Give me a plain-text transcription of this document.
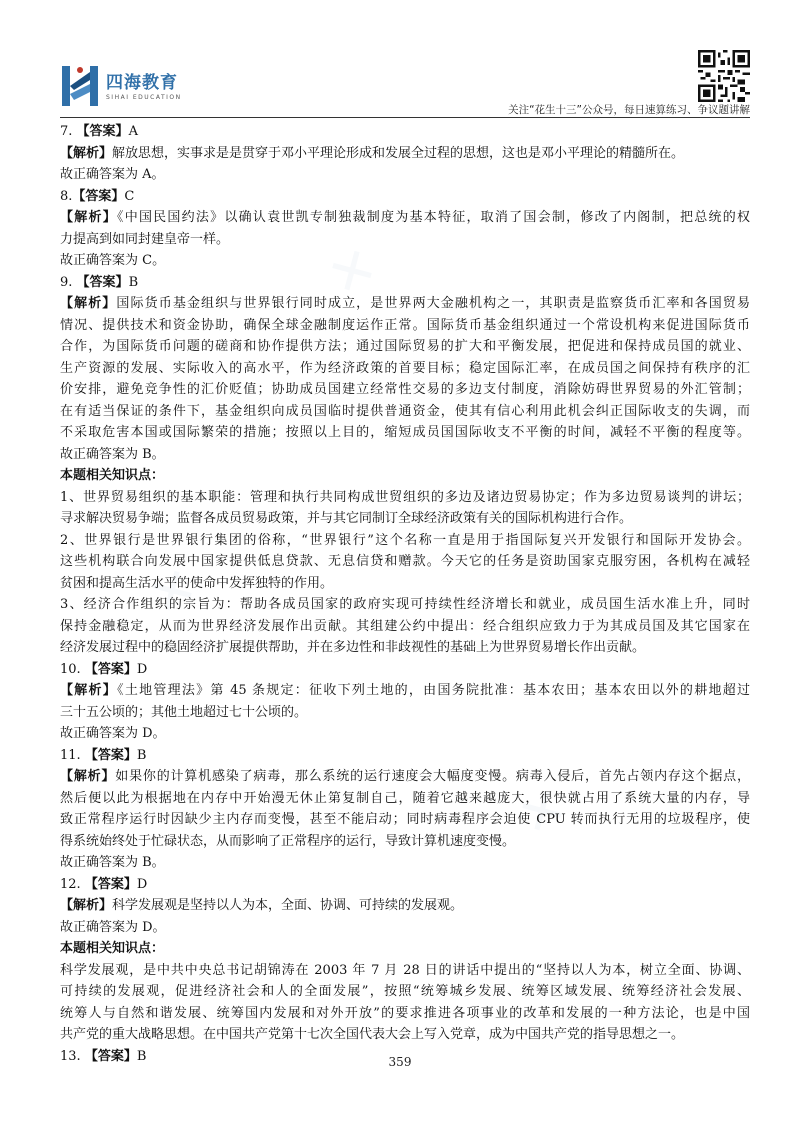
✕
✕
✕
四海教育
SIHAI EDUCATION
关注“花生十三”公众号，每日速算练习、争议题讲解
7. 【答案】A
【解析】解放思想，实事求是是贯穿于邓小平理论形成和发展全过程的思想，这也是邓小平理论的精髓所在。
故正确答案为 A。
8.【答案】C
【解析】《中国民国约法》以确认袁世凯专制独裁制度为基本特征，取消了国会制，修改了内阁制，把总统的权
力提高到如同封建皇帝一样。
故正确答案为 C。
9. 【答案】B
【解析】国际货币基金组织与世界银行同时成立，是世界两大金融机构之一，其职责是监察货币汇率和各国贸易
情况、提供技术和资金协助，确保全球金融制度运作正常。国际货币基金组织通过一个常设机构来促进国际货币
合作，为国际货币问题的磋商和协作提供方法；通过国际贸易的扩大和平衡发展，把促进和保持成员国的就业、
生产资源的发展、实际收入的高水平，作为经济政策的首要目标；稳定国际汇率，在成员国之间保持有秩序的汇
价安排，避免竞争性的汇价贬值；协助成员国建立经常性交易的多边支付制度，消除妨碍世界贸易的外汇管制；
在有适当保证的条件下，基金组织向成员国临时提供普通资金，使其有信心利用此机会纠正国际收支的失调，而
不采取危害本国或国际繁荣的措施；按照以上目的，缩短成员国国际收支不平衡的时间，减轻不平衡的程度等。
故正确答案为 B。
本题相关知识点：
1、世界贸易组织的基本职能：管理和执行共同构成世贸组织的多边及诸边贸易协定；作为多边贸易谈判的讲坛；
寻求解决贸易争端；监督各成员贸易政策，并与其它同制订全球经济政策有关的国际机构进行合作。
2、世界银行是世界银行集团的俗称，“世界银行”这个名称一直是用于指国际复兴开发银行和国际开发协会。
这些机构联合向发展中国家提供低息贷款、无息信贷和赠款。今天它的任务是资助国家克服穷困，各机构在减轻
贫困和提高生活水平的使命中发挥独特的作用。
3、经济合作组织的宗旨为：帮助各成员国家的政府实现可持续性经济增长和就业，成员国生活水准上升，同时
保持金融稳定，从而为世界经济发展作出贡献。其组建公约中提出：经合组织应致力于为其成员国及其它国家在
经济发展过程中的稳固经济扩展提供帮助，并在多边性和非歧视性的基础上为世界贸易增长作出贡献。
10. 【答案】D
【解析】《土地管理法》第 45 条规定：征收下列土地的，由国务院批准：基本农田；基本农田以外的耕地超过
三十五公顷的；其他土地超过七十公顷的。
故正确答案为 D。
11. 【答案】B
【解析】如果你的计算机感染了病毒，那么系统的运行速度会大幅度变慢。病毒入侵后，首先占领内存这个据点，
然后便以此为根据地在内存中开始漫无休止第复制自己，随着它越来越庞大，很快就占用了系统大量的内存，导
致正常程序运行时因缺少主内存而变慢，甚至不能启动；同时病毒程序会迫使 CPU 转而执行无用的垃圾程序，使
得系统始终处于忙碌状态，从而影响了正常程序的运行，导致计算机速度变慢。
故正确答案为 B。
12. 【答案】D
【解析】科学发展观是坚持以人为本，全面、协调、可持续的发展观。
故正确答案为 D。
本题相关知识点：
科学发展观，是中共中央总书记胡锦涛在 2003 年 7 月 28 日的讲话中提出的“坚持以人为本，树立全面、协调、
可持续的发展观，促进经济社会和人的全面发展”，按照“统筹城乡发展、统筹区域发展、统筹经济社会发展、
统筹人与自然和谐发展、统筹国内发展和对外开放”的要求推进各项事业的改革和发展的一种方法论，也是中国
共产党的重大战略思想。在中国共产党第十七次全国代表大会上写入党章，成为中国共产党的指导思想之一。
13. 【答案】B	359
